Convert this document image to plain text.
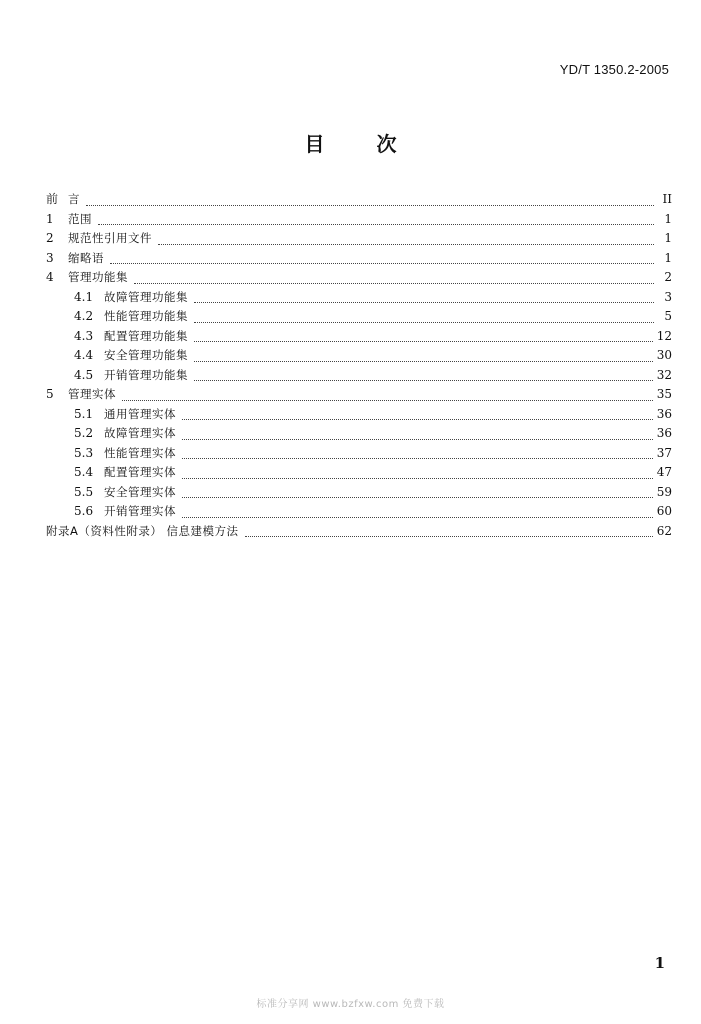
YD/T 1350.2-2005
目	次
前 言	II
1	范围	1
2	规范性引用文件	1
3	缩略语	1
4	管理功能集	2
4.1 故障管理功能集	3
4.2 性能管理功能集	5
4.3 配置管理功能集	12
4.4 安全管理功能集	30
4.5 开销管理功能集	32
5	管理实体	35
5.1 通用管理实体	36
5.2 故障管理实体	36
5.3 性能管理实体	37
5.4 配置管理实体	47
5.5 安全管理实体	59
5.6 开销管理实体	60
附录A（资料性附录） 信息建模方法	62
1
标准分享网 www.bzfxw.com 免费下载
